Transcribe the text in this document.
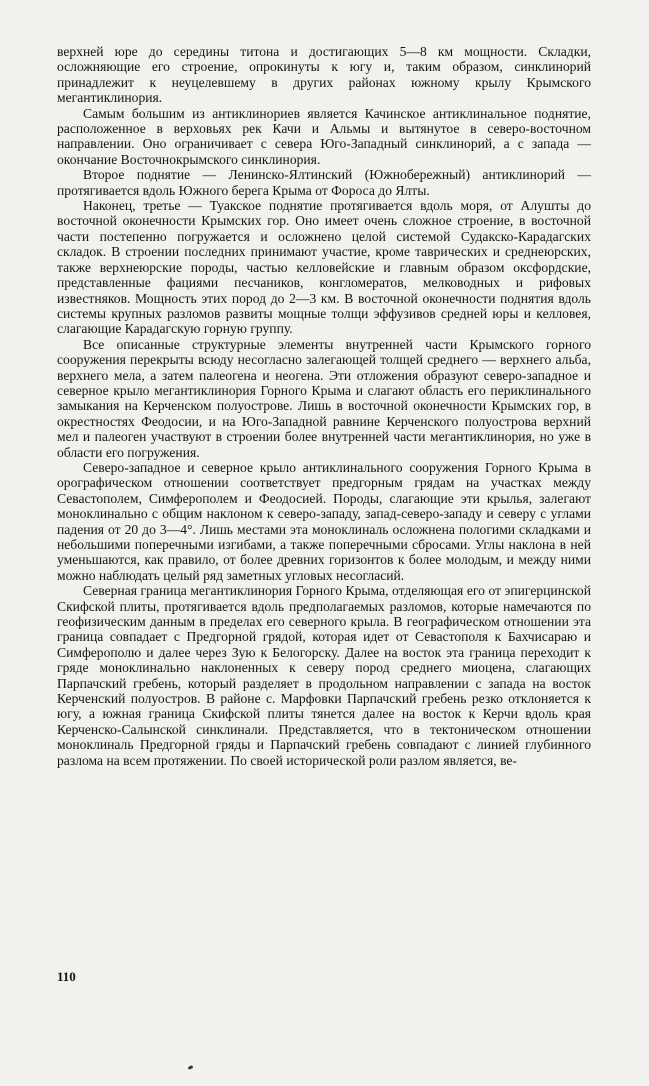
верхней юре до середины титона и достигающих 5—8 км мощности. Складки, осложняющие его строение, опрокинуты к югу и, таким образом, синклинорий принадлежит к неуцелевшему в других районах южному крылу Крымского мегантиклинория.

Самым большим из антиклинориев является Качинское антиклинальное поднятие, расположенное в верховьях рек Качи и Альмы и вытянутое в северо-восточном направлении. Оно ограничивает с севера Юго-Западный синклинорий, а с запада — окончание Восточнокрымского синклинория.

Второе поднятие — Ленинско-Ялтинский (Южнобережный) антиклинорий — протягивается вдоль Южного берега Крыма от Фороса до Ялты.

Наконец, третье — Туакское поднятие протягивается вдоль моря, от Алушты до восточной оконечности Крымских гор. Оно имеет очень сложное строение, в восточной части постепенно погружается и осложнено целой системой Судакско-Карадагских складок. В строении последних принимают участие, кроме таврических и среднеюрских, также верхнеюрские породы, частью келловейские и главным образом оксфордские, представленные фациями песчаников, конгломератов, мелководных и рифовых известняков. Мощность этих пород до 2—3 км. В восточной оконечности поднятия вдоль системы крупных разломов развиты мощные толщи эффузивов средней юры и келловея, слагающие Карадагскую горную группу.

Все описанные структурные элементы внутренней части Крымского горного сооружения перекрыты всюду несогласно залегающей толщей среднего — верхнего альба, верхнего мела, а затем палеогена и неогена. Эти отложения образуют северо-западное и северное крыло мегантиклинория Горного Крыма и слагают область его периклинального замыкания на Керченском полуострове. Лишь в восточной оконечности Крымских гор, в окрестностях Феодосии, и на Юго-Западной равнине Керченского полуострова верхний мел и палеоген участвуют в строении более внутренней части мегантиклинория, но уже в области его погружения.

Северо-западное и северное крыло антиклинального сооружения Горного Крыма в орографическом отношении соответствует предгорным грядам на участках между Севастополем, Симферополем и Феодосией. Породы, слагающие эти крылья, залегают моноклинально с общим наклоном к северо-западу, запад-северо-западу и северу с углами падения от 20 до 3—4°. Лишь местами эта моноклиналь осложнена пологими складками и небольшими поперечными изгибами, а также поперечными сбросами. Углы наклона в ней уменьшаются, как правило, от более древних горизонтов к более молодым, и между ними можно наблюдать целый ряд заметных угловых несогласий.

Северная граница мегантиклинория Горного Крыма, отделяющая его от эпигерцинской Скифской плиты, протягивается вдоль предполагаемых разломов, которые намечаются по геофизическим данным в пределах его северного крыла. В географическом отношении эта граница совпадает с Предгорной грядой, которая идет от Севастополя к Бахчисараю и Симферополю и далее через Зую к Белогорску. Далее на восток эта граница переходит к гряде моноклинально наклоненных к северу пород среднего миоцена, слагающих Парпачский гребень, который разделяет в продольном направлении с запада на восток Керченский полуостров. В районе с. Марфовки Парпачский гребень резко отклоняется к югу, а южная граница Скифской плиты тянется далее на восток к Керчи вдоль края Керченско-Салынской синклинали. Представляется, что в тектоническом отношении моноклиналь Предгорной гряды и Парпачский гребень совпадают с линией глубинного разлома на всем протяжении. По своей исторической роли разлом является, ве-

110
